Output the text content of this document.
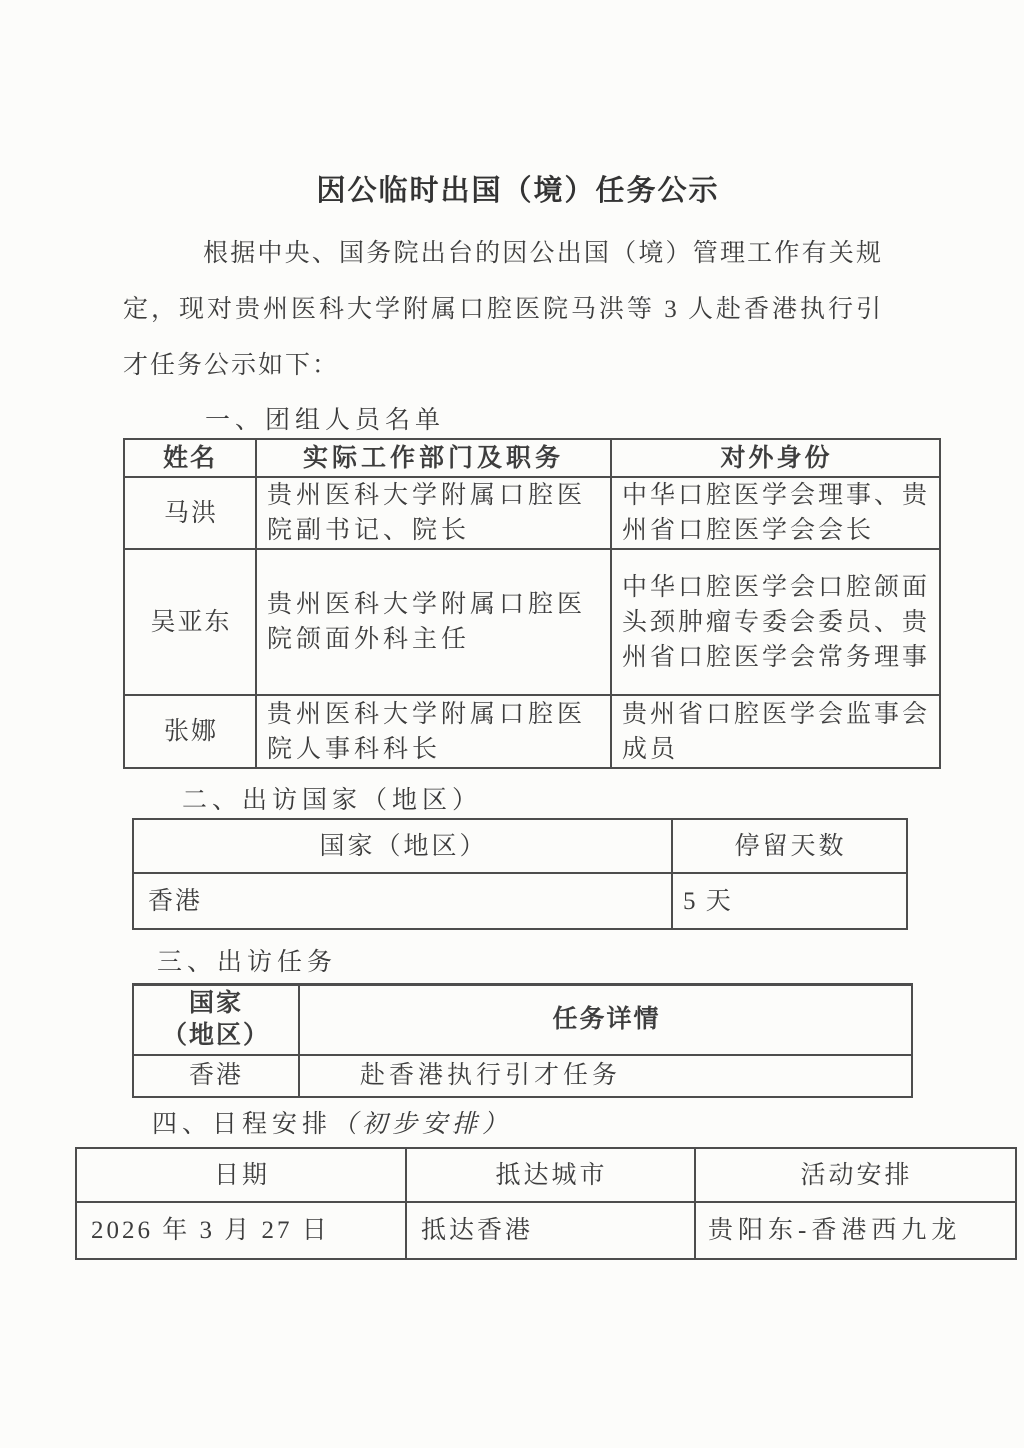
因公临时出国（境）任务公示
根据中央、国务院出台的因公出国（境）管理工作有关规
定，现对贵州医科大学附属口腔医院马洪等 3 人赴香港执行引
才任务公示如下：
一、团组人员名单
姓名	实际工作部门及职务	对外身份
马洪	贵州医科大学附属口腔医院副书记、院长	中华口腔医学会理事、贵州省口腔医学会会长
吴亚东	贵州医科大学附属口腔医院颌面外科主任	中华口腔医学会口腔颌面头颈肿瘤专委会委员、贵州省口腔医学会常务理事
张娜	贵州医科大学附属口腔医院人事科科长	贵州省口腔医学会监事会成员
二、出访国家（地区）
国家（地区）	停留天数
香港	5 天
三、出访任务
国家
（地区）	任务详情
香港	赴香港执行引才任务
四、日程安排（初步安排）
日期	抵达城市	活动安排
2026 年 3 月 27 日	抵达香港	贵阳东-香港西九龙
